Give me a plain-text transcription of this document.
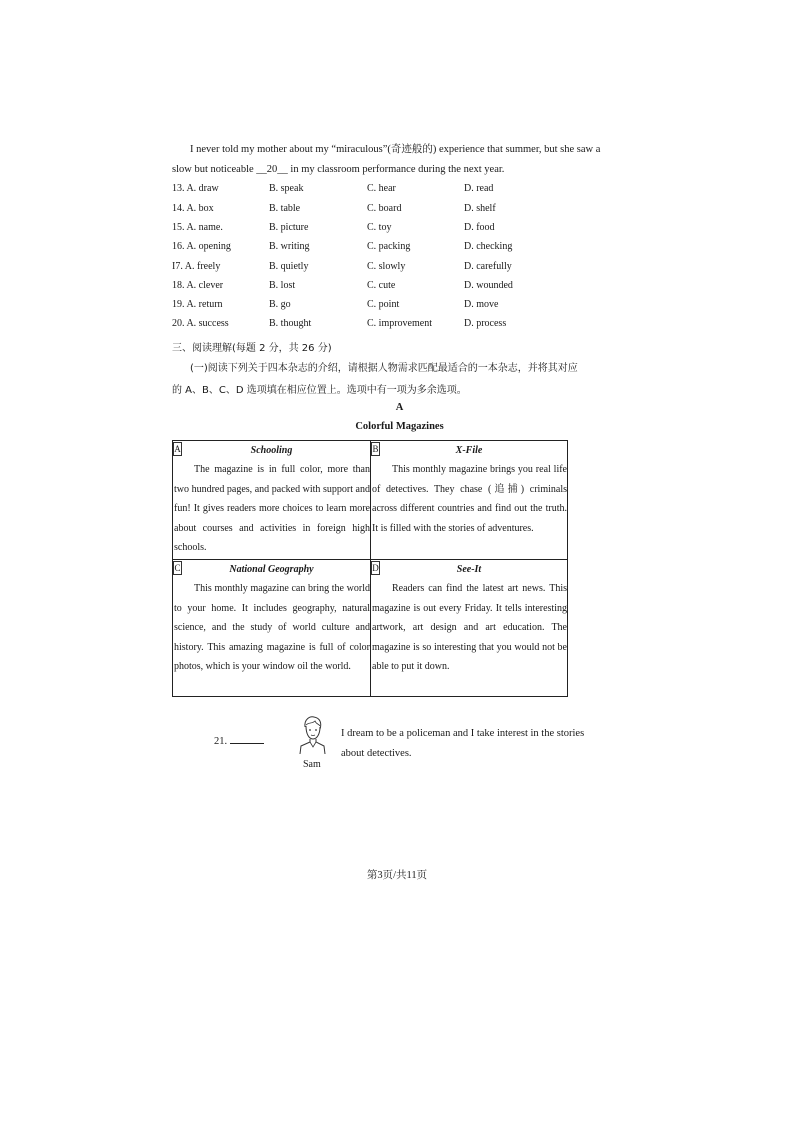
I never told my mother about my “miraculous”(奇迹般的) experience that summer, but she saw a
slow but noticeable __20__ in my classroom performance during the next year.
13. A. draw	B. speak	C. hear	D. read
14. A. box	B. table	C. board	D. shelf
15. A. name.	B. picture	C. toy	D. food
16. A. opening	B. writing	C. packing	D. checking
I7. A. freely	B. quietly	C. slowly	D. carefully
18. A. clever	B. lost	C. cute	D. wounded
19. A. return	B. go	C. point	D. move
20. A. success	B. thought	C. improvement	D. process
三、阅读理解(每题 2 分，共 26 分)
(一)阅读下列关于四本杂志的介绍，请根据人物需求匹配最适合的一本杂志，并将其对应
的 A、B、C、D 选项填在相应位置上。选项中有一项为多余选项。
A
Colorful Magazines
A	Schooling
The magazine is in full color, more than two hundred pages, and packed with support and fun! It gives readers more choices to learn more about courses and activities in foreign high schools.
B	X-File
This monthly magazine brings you real life of detectives. They chase (追捕) criminals across different countries and find out the truth. It is filled with the stories of adventures.
C	National Geography
This monthly magazine can bring the world to your home. It includes geography, natural science, and the study of world culture and history. This amazing magazine is full of color photos, which is your window oil the world.
D	See-It
Readers can find the latest art news. This magazine is out every Friday. It tells interesting artwork, art design and art education. The magazine is so interesting that you would not be able to put it down.
21.
Sam
I dream to be a policeman and I take interest in the stories about detectives.
第3页/共11页
